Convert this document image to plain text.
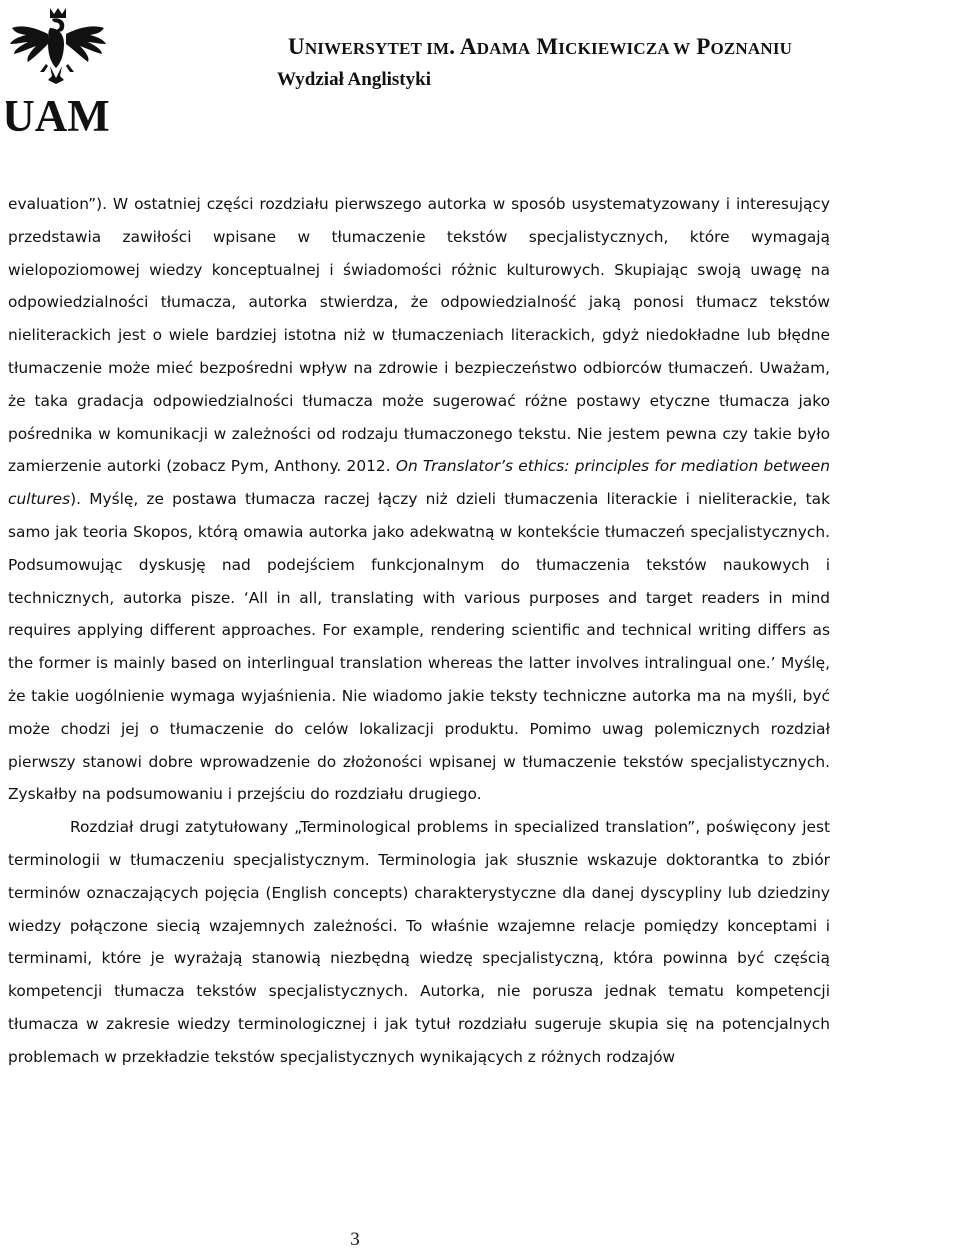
UAM
UNIWERSYTET IM. ADAMA MICKIEWICZA W POZNANIU
Wydział Anglistyki

evaluation”). W ostatniej części rozdziału pierwszego autorka w sposób usystematyzowany i interesujący przedstawia zawiłości wpisane w tłumaczenie tekstów specjalistycznych, które wymagają wielopoziomowej wiedzy konceptualnej i świadomości różnic kulturowych. Skupiając swoją uwagę na odpowiedzialności tłumacza, autorka stwierdza, że odpowiedzialność jaką ponosi tłumacz tekstów nieliterackich jest o wiele bardziej istotna niż w tłumaczeniach literackich, gdyż niedokładne lub błędne tłumaczenie może mieć bezpośredni wpływ na zdrowie i bezpieczeństwo odbiorców tłumaczeń. Uważam, że taka gradacja odpowiedzialności tłumacza może sugerować różne postawy etyczne tłumacza jako pośrednika w komunikacji w zależności od rodzaju tłumaczonego tekstu. Nie jestem pewna czy takie było zamierzenie autorki (zobacz Pym, Anthony. 2012. On Translator’s ethics: principles for mediation between cultures). Myślę, ze postawa tłumacza raczej łączy niż dzieli tłumaczenia literackie i nieliterackie, tak samo jak teoria Skopos, którą omawia autorka jako adekwatną w kontekście tłumaczeń specjalistycznych. Podsumowując dyskusję nad podejściem funkcjonalnym do tłumaczenia tekstów naukowych i technicznych, autorka pisze. ‘All in all, translating with various purposes and target readers in mind requires applying different approaches. For example, rendering scientific and technical writing differs as the former is mainly based on interlingual translation whereas the latter involves intralingual one.’ Myślę, że takie uogólnienie wymaga wyjaśnienia. Nie wiadomo jakie teksty techniczne autorka ma na myśli, być może chodzi jej o tłumaczenie do celów lokalizacji produktu. Pomimo uwag polemicznych rozdział pierwszy stanowi dobre wprowadzenie do złożoności wpisanej w tłumaczenie tekstów specjalistycznych. Zyskałby na podsumowaniu i przejściu do rozdziału drugiego.

Rozdział drugi zatytułowany „Terminological problems in specialized translation”, poświęcony jest terminologii w tłumaczeniu specjalistycznym. Terminologia jak słusznie wskazuje doktorantka to zbiór terminów oznaczających pojęcia (English concepts) charakterystyczne dla danej dyscypliny lub dziedziny wiedzy połączone siecią wzajemnych zależności. To właśnie wzajemne relacje pomiędzy konceptami i terminami, które je wyrażają stanowią niezbędną wiedzę specjalistyczną, która powinna być częścią kompetencji tłumacza tekstów specjalistycznych. Autorka, nie porusza jednak tematu kompetencji tłumacza w zakresie wiedzy terminologicznej i jak tytuł rozdziału sugeruje skupia się na potencjalnych problemach w przekładzie tekstów specjalistycznych wynikających z różnych rodzajów

3
